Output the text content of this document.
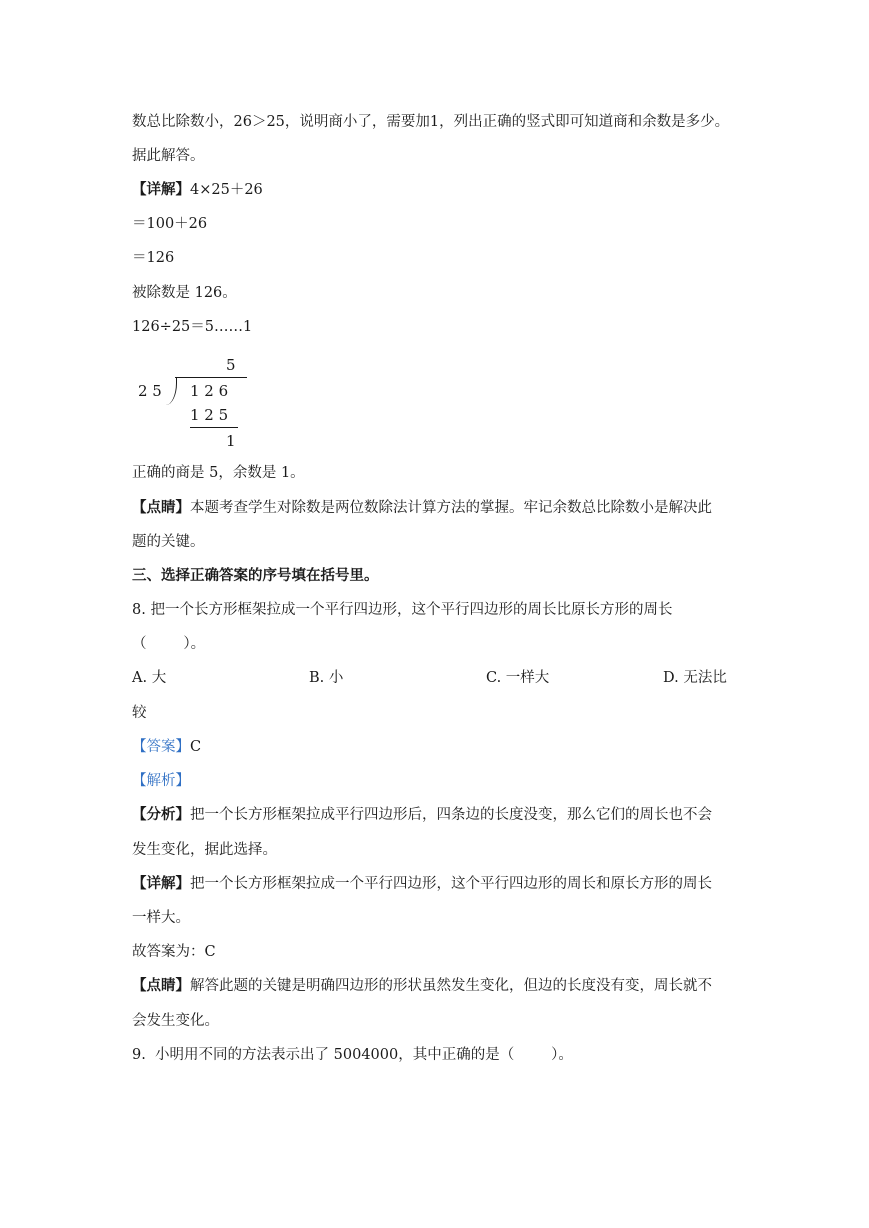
数总比除数小，26＞25，说明商小了，需要加1，列出正确的竖式即可知道商和余数是多少。
据此解答。
【详解】4×25＋26
＝100＋26
＝126
被除数是 126。
126÷25＝5……1
5
2 5 1 2 6
1 2 5
1
正确的商是 5，余数是 1。
【点睛】本题考查学生对除数是两位数除法计算方法的掌握。牢记余数总比除数小是解决此
题的关键。
三、选择正确答案的序号填在括号里。
8. 把一个长方形框架拉成一个平行四边形，这个平行四边形的周长比原长方形的周长
（        ）。
A. 大	B. 小	C. 一样大	D. 无法比
较
【答案】C
【解析】
【分析】把一个长方形框架拉成平行四边形后，四条边的长度没变，那么它们的周长也不会
发生变化，据此选择。
【详解】把一个长方形框架拉成一个平行四边形，这个平行四边形的周长和原长方形的周长
一样大。
故答案为：C
【点睛】解答此题的关键是明确四边形的形状虽然发生变化，但边的长度没有变，周长就不
会发生变化。
9.  小明用不同的方法表示出了 5004000，其中正确的是（        ）。
